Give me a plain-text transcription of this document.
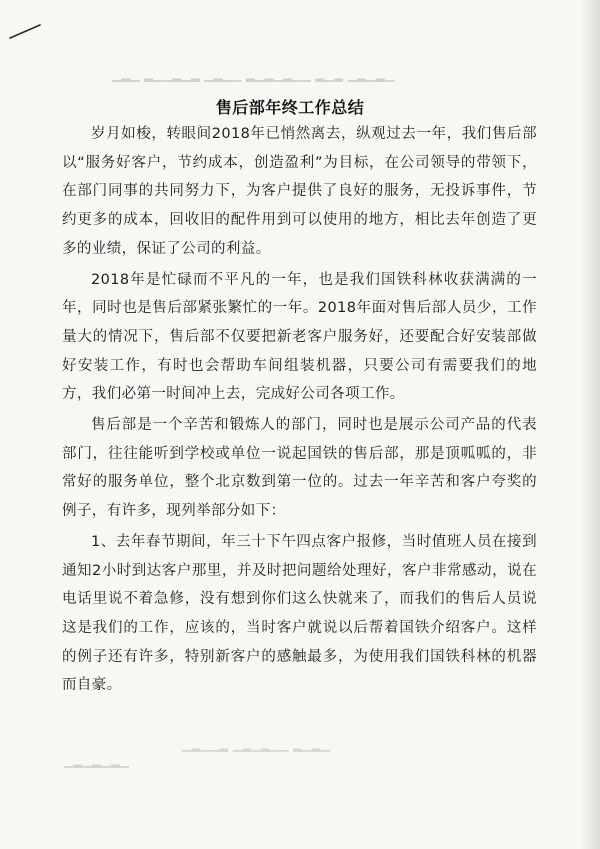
▁▂▁ ▂▁▁▂▁▂ ▁▂▁▁ ▂▁▂▁▂▁▁ ▂▁▂ ▁▂▁▂▁
▁▂▁▁▂ ▁▂▁▂▁▁ ▂▁▂▁
▁▂▁▂▁▂▁
售后部年终工作总结

岁月如梭，转眼间2018年已悄然离去，纵观过去一年，我们售后部以“服务好客户，节约成本，创造盈利”为目标，在公司领导的带领下，在部门同事的共同努力下，为客户提供了良好的服务，无投诉事件，节约更多的成本，回收旧的配件用到可以使用的地方，相比去年创造了更多的业绩，保证了公司的利益。

2018年是忙碌而不平凡的一年，也是我们国铁科林收获满满的一年，同时也是售后部紧张繁忙的一年。2018年面对售后部人员少，工作量大的情况下，售后部不仅要把新老客户服务好，还要配合好安装部做好安装工作，有时也会帮助车间组装机器，只要公司有需要我们的地方，我们必第一时间冲上去，完成好公司各项工作。

售后部是一个辛苦和锻炼人的部门，同时也是展示公司产品的代表部门，往往能听到学校或单位一说起国铁的售后部，那是顶呱呱的，非常好的服务单位，整个北京数到第一位的。过去一年辛苦和客户夸奖的例子，有许多，现列举部分如下：

1、去年春节期间，年三十下午四点客户报修，当时值班人员在接到通知2小时到达客户那里，并及时把问题给处理好，客户非常感动，说在电话里说不着急修，没有想到你们这么快就来了，而我们的售后人员说这是我们的工作，应该的，当时客户就说以后帮着国铁介绍客户。这样的例子还有许多，特别新客户的感触最多，为使用我们国铁科林的机器而自豪。
